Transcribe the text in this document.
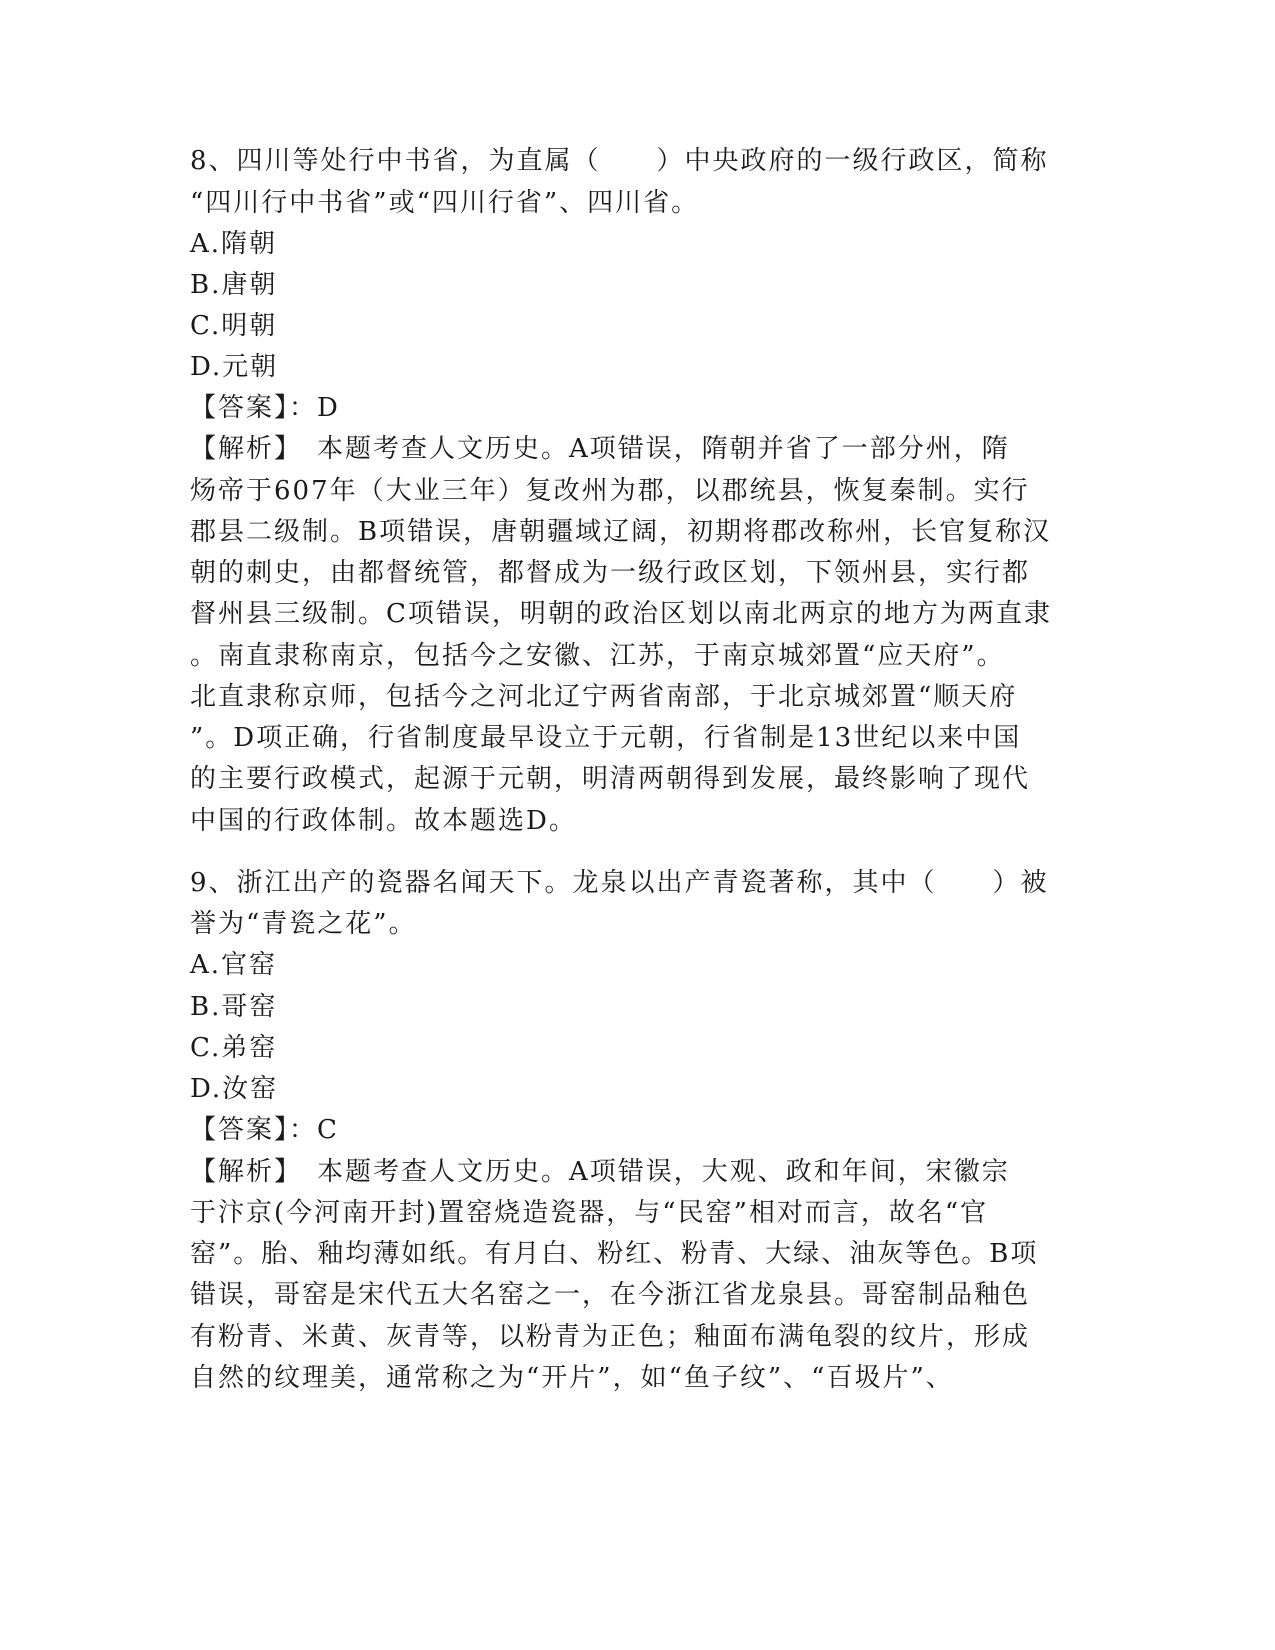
8、四川等处行中书省，为直属（　　）中央政府的一级行政区，简称
“四川行中书省”或“四川行省”、四川省。
A.隋朝
B.唐朝
C.明朝
D.元朝
【答案】：D
【解析】　本题考查人文历史。A项错误，隋朝并省了一部分州，隋
炀帝于607年（大业三年）复改州为郡，以郡统县，恢复秦制。实行
郡县二级制。B项错误，唐朝疆域辽阔，初期将郡改称州，长官复称汉
朝的刺史，由都督统管，都督成为一级行政区划，下领州县，实行都
督州县三级制。C项错误，明朝的政治区划以南北两京的地方为两直隶
。南直隶称南京，包括今之安徽、江苏，于南京城郊置“应天府”。
北直隶称京师，包括今之河北辽宁两省南部，于北京城郊置“顺天府
”。D项正确，行省制度最早设立于元朝，行省制是13世纪以来中国
的主要行政模式，起源于元朝，明清两朝得到发展，最终影响了现代
中国的行政体制。故本题选D。
9、浙江出产的瓷器名闻天下。龙泉以出产青瓷著称，其中（　　）被
誉为“青瓷之花”。
A.官窑
B.哥窑
C.弟窑
D.汝窑
【答案】：C
【解析】　本题考查人文历史。A项错误，大观、政和年间，宋徽宗
于汴京(今河南开封)置窑烧造瓷器，与“民窑”相对而言，故名“官
窑”。胎、釉均薄如纸。有月白、粉红、粉青、大绿、油灰等色。B项
错误，哥窑是宋代五大名窑之一，在今浙江省龙泉县。哥窑制品釉色
有粉青、米黄、灰青等，以粉青为正色；釉面布满龟裂的纹片，形成
自然的纹理美，通常称之为“开片”，如“鱼子纹”、“百圾片”、
